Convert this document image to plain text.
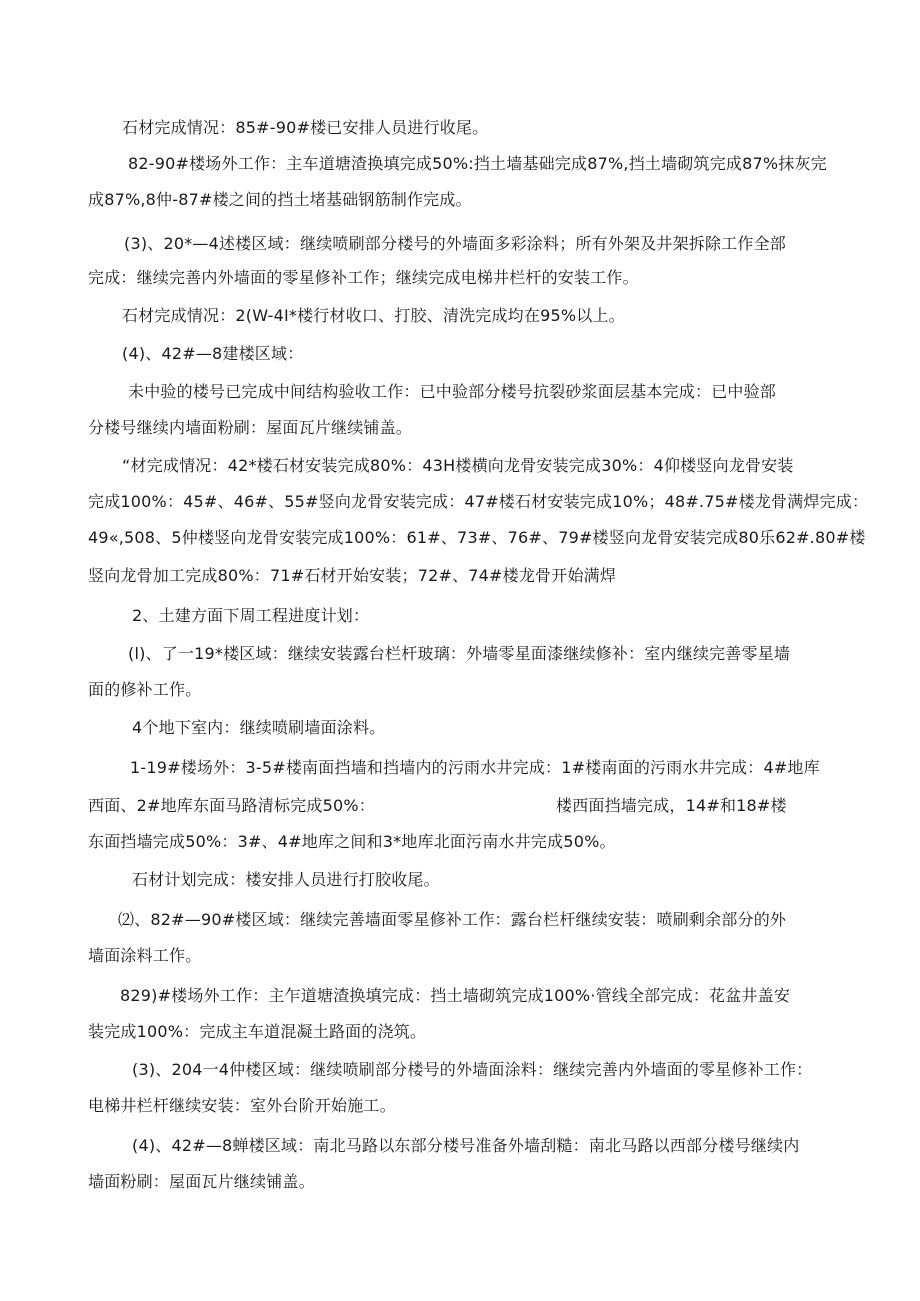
石材完成情况：85#-90#楼已安排人员进行收尾。
82-90#楼场外工作：主车道塘渣换填完成50%:挡土墙基础完成87%,挡土墙砌筑完成87%抹灰完
成87%,8仲-87#楼之间的挡土堵基础钢筋制作完成。
(3)、20*—4述楼区域：继续喷刷部分楼号的外墙面多彩涂料；所有外架及井架拆除工作全部
完成：继续完善内外墙面的零星修补工作；继续完成电梯井栏杆的安装工作。
石材完成情况：2(W-4I*楼行材收口、打胶、清洗完成均在95%以上。
(4)、42#—8建楼区域：
未中验的楼号已完成中间结构验收工作：已中验部分楼号抗裂砂浆面层基本完成：已中验部
分楼号继续内墙面粉刷：屋面瓦片继续铺盖。
“材完成情况：42*楼石材安装完成80%：43H楼横向龙骨安装完成30%：4仰楼竖向龙骨安装
完成100%：45#、46#、55#竖向龙骨安装完成：47#楼石材安装完成10%；48#.75#楼龙骨满焊完成：
49«,508、5仲楼竖向龙骨安装完成100%：61#、73#、76#、79#楼竖向龙骨安装完成80乐62#.80#楼
竖向龙骨加工完成80%：71#石材开始安装；72#、74#楼龙骨开始满焊
2、土建方面下周工程进度计划：
(l)、了一19*楼区域：继续安装露台栏杆玻璃：外墙零星面漆继续修补：室内继续完善零星墙
面的修补工作。
4个地下室内：继续喷刷墙面涂料。
1-19#楼场外：3-5#楼南面挡墙和挡墙内的污雨水井完成：1#楼南面的污雨水井完成：4#地库
西面、2#地库东面马路清标完成50%：	楼西面挡墙完成，14#和18#楼
东面挡墙完成50%：3#、4#地库之间和3*地库北面污南水井完成50%。
石材计划完成：楼安排人员进行打胶收尾。
⑵、82#—90#楼区域：继续完善墙面零星修补工作：露台栏杆继续安装：喷刷剩余部分的外
墙面涂料工作。
829)#楼场外工作：主乍道塘渣换填完成：挡土墙砌筑完成100%·管线全部完成：花盆井盖安
装完成100%：完成主车道混凝土路面的浇筑。
(3)、204一4仲楼区域：继续喷刷部分楼号的外墙面涂料：继续完善内外墙面的零星修补工作：
电梯井栏杆继续安装：室外台阶开始施工。
(4)、42#—8蝉楼区域：南北马路以东部分楼号准备外墙刮糙：南北马路以西部分楼号继续内
墙面粉刷：屋面瓦片继续铺盖。
